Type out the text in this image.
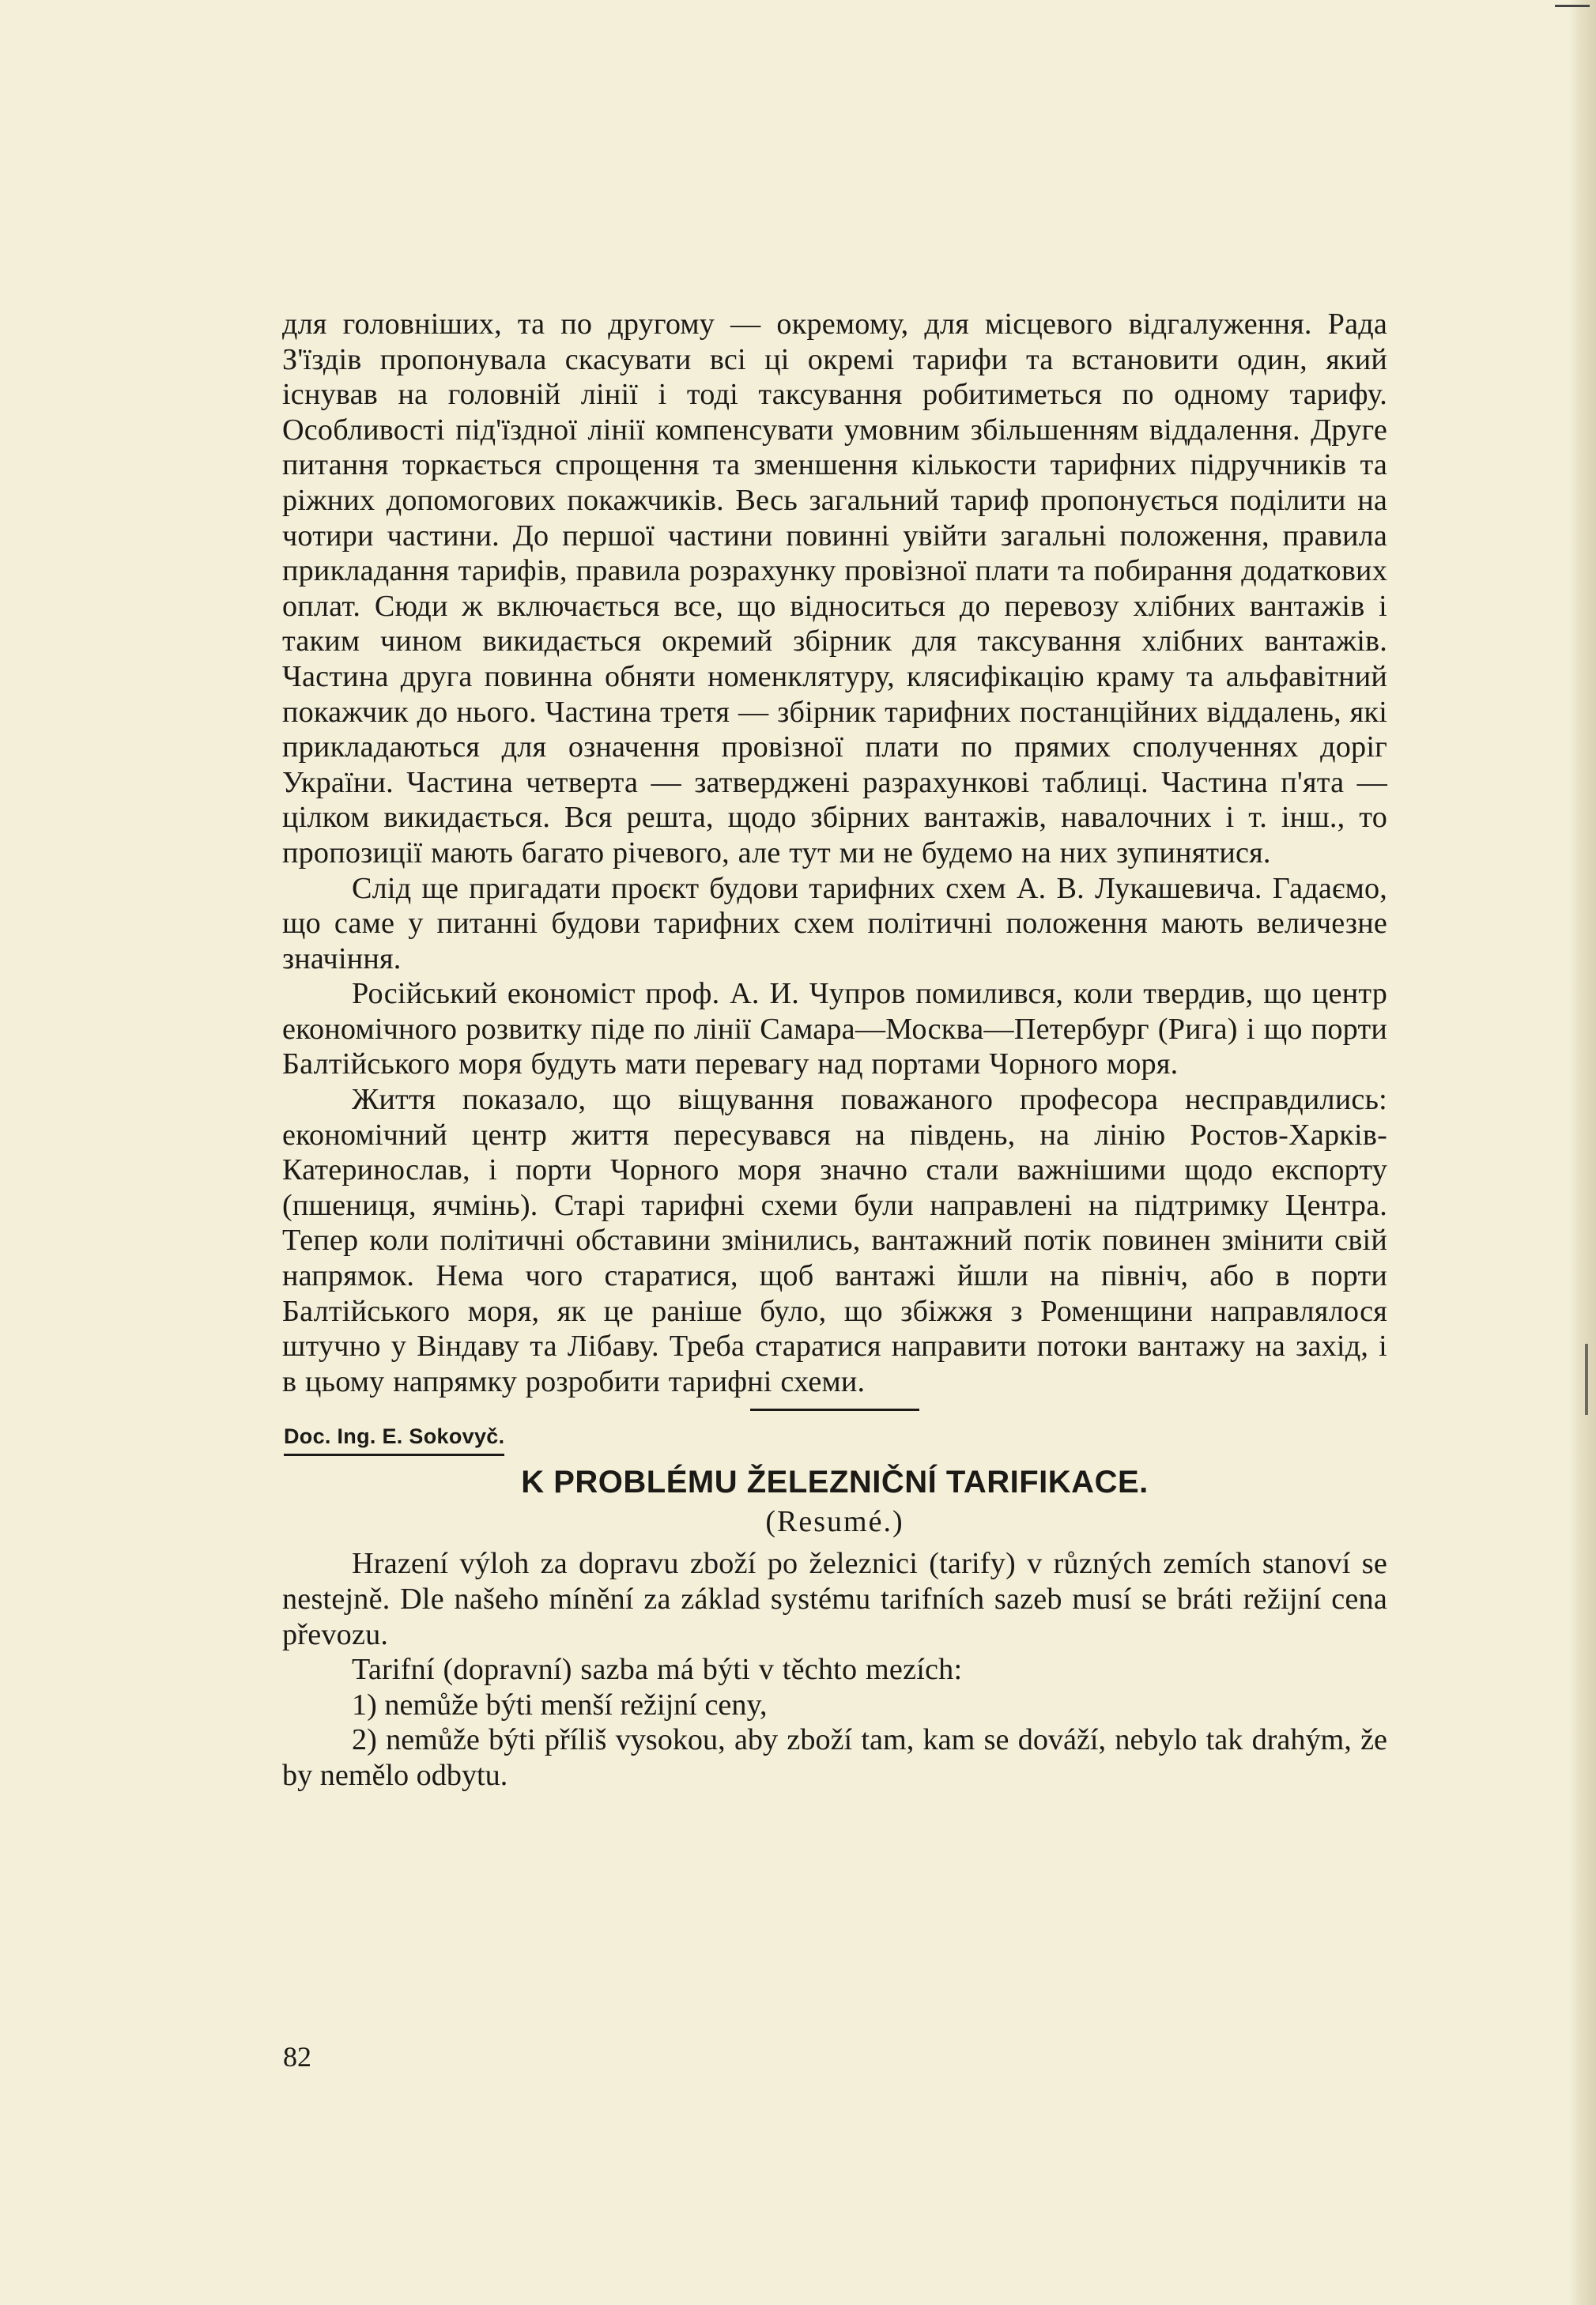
для головніших, та по другому — окремому, для місцевого відгалуження. Рада З'їздів пропонувала скасувати всі ці окремі тарифи та встановити один, який існував на головній лінії і тоді таксування робитиметься по одному тарифу. Особливості під'їздної лінії компенсувати умовним збільшенням віддалення. Друге питання торкається спрощення та зменшення кількости тарифних підручників та ріжних допомогових покажчиків. Весь загальний тариф пропонується поділити на чотири частини. До першої частини повинні увійти загальні положення, правила прикладання тарифів, правила розрахунку провізної плати та побирання додаткових оплат. Сюди ж включається все, що відноситься до перевозу хлібних вантажів і таким чином викидається окремий збірник для таксування хлібних вантажів. Частина друга повинна обняти номенклятуру, клясифікацію краму та альфавітний покажчик до нього. Частина третя — збірник тарифних постанційних віддалень, які прикладаються для означення провізної плати по прямих сполученнях доріг України. Частина четверта — затверджені разрахункові таблиці. Частина п'ята — цілком викидається. Вся решта, щодо збірних вантажів, навалочних і т. інш., то пропозиції мають багато річевого, але тут ми не будемо на них зупинятися.

Слід ще пригадати проєкт будови тарифних схем А. В. Лукашевича. Гадаємо, що саме у питанні будови тарифних схем політичні положення мають величезне значіння.

Російський економіст проф. А. И. Чупров помилився, коли твердив, що центр економічного розвитку піде по лінії Самара—Москва—Петербург (Рига) і що порти Балтійського моря будуть мати перевагу над портами Чорного моря.

Життя показало, що віщування поважаного професора несправдились: економічний центр життя пересувався на південь, на лінію Ростов-Харків-Катеринослав, і порти Чорного моря значно стали важнішими щодо експорту (пшениця, ячмінь). Старі тарифні схеми були направлені на підтримку Центра. Тепер коли політичні обставини змінились, вантажний потік повинен змінити свій напрямок. Нема чого старатися, щоб вантажі йшли на північ, або в порти Балтійського моря, як це раніше було, що збіжжя з Роменщини направлялося штучно у Віндаву та Лібаву. Треба старатися направити потоки вантажу на захід, і в цьому напрямку розробити тарифні схеми.

Doc. Ing. E. Sokovyč.
K PROBLÉMU ŽELEZNIČNÍ TARIFIKACE.
(Resumé.)

Hrazení výloh za dopravu zboží po železnici (tarify) v různých zemích stanoví se nestejně. Dle našeho mínění za základ systému tarifních sazeb musí se bráti režijní cena převozu.

Tarifní (dopravní) sazba má býti v těchto mezích:

1) nemůže býti menší režijní ceny,

2) nemůže býti příliš vysokou, aby zboží tam, kam se dováží, nebylo tak drahým, že by nemělo odbytu.

82
